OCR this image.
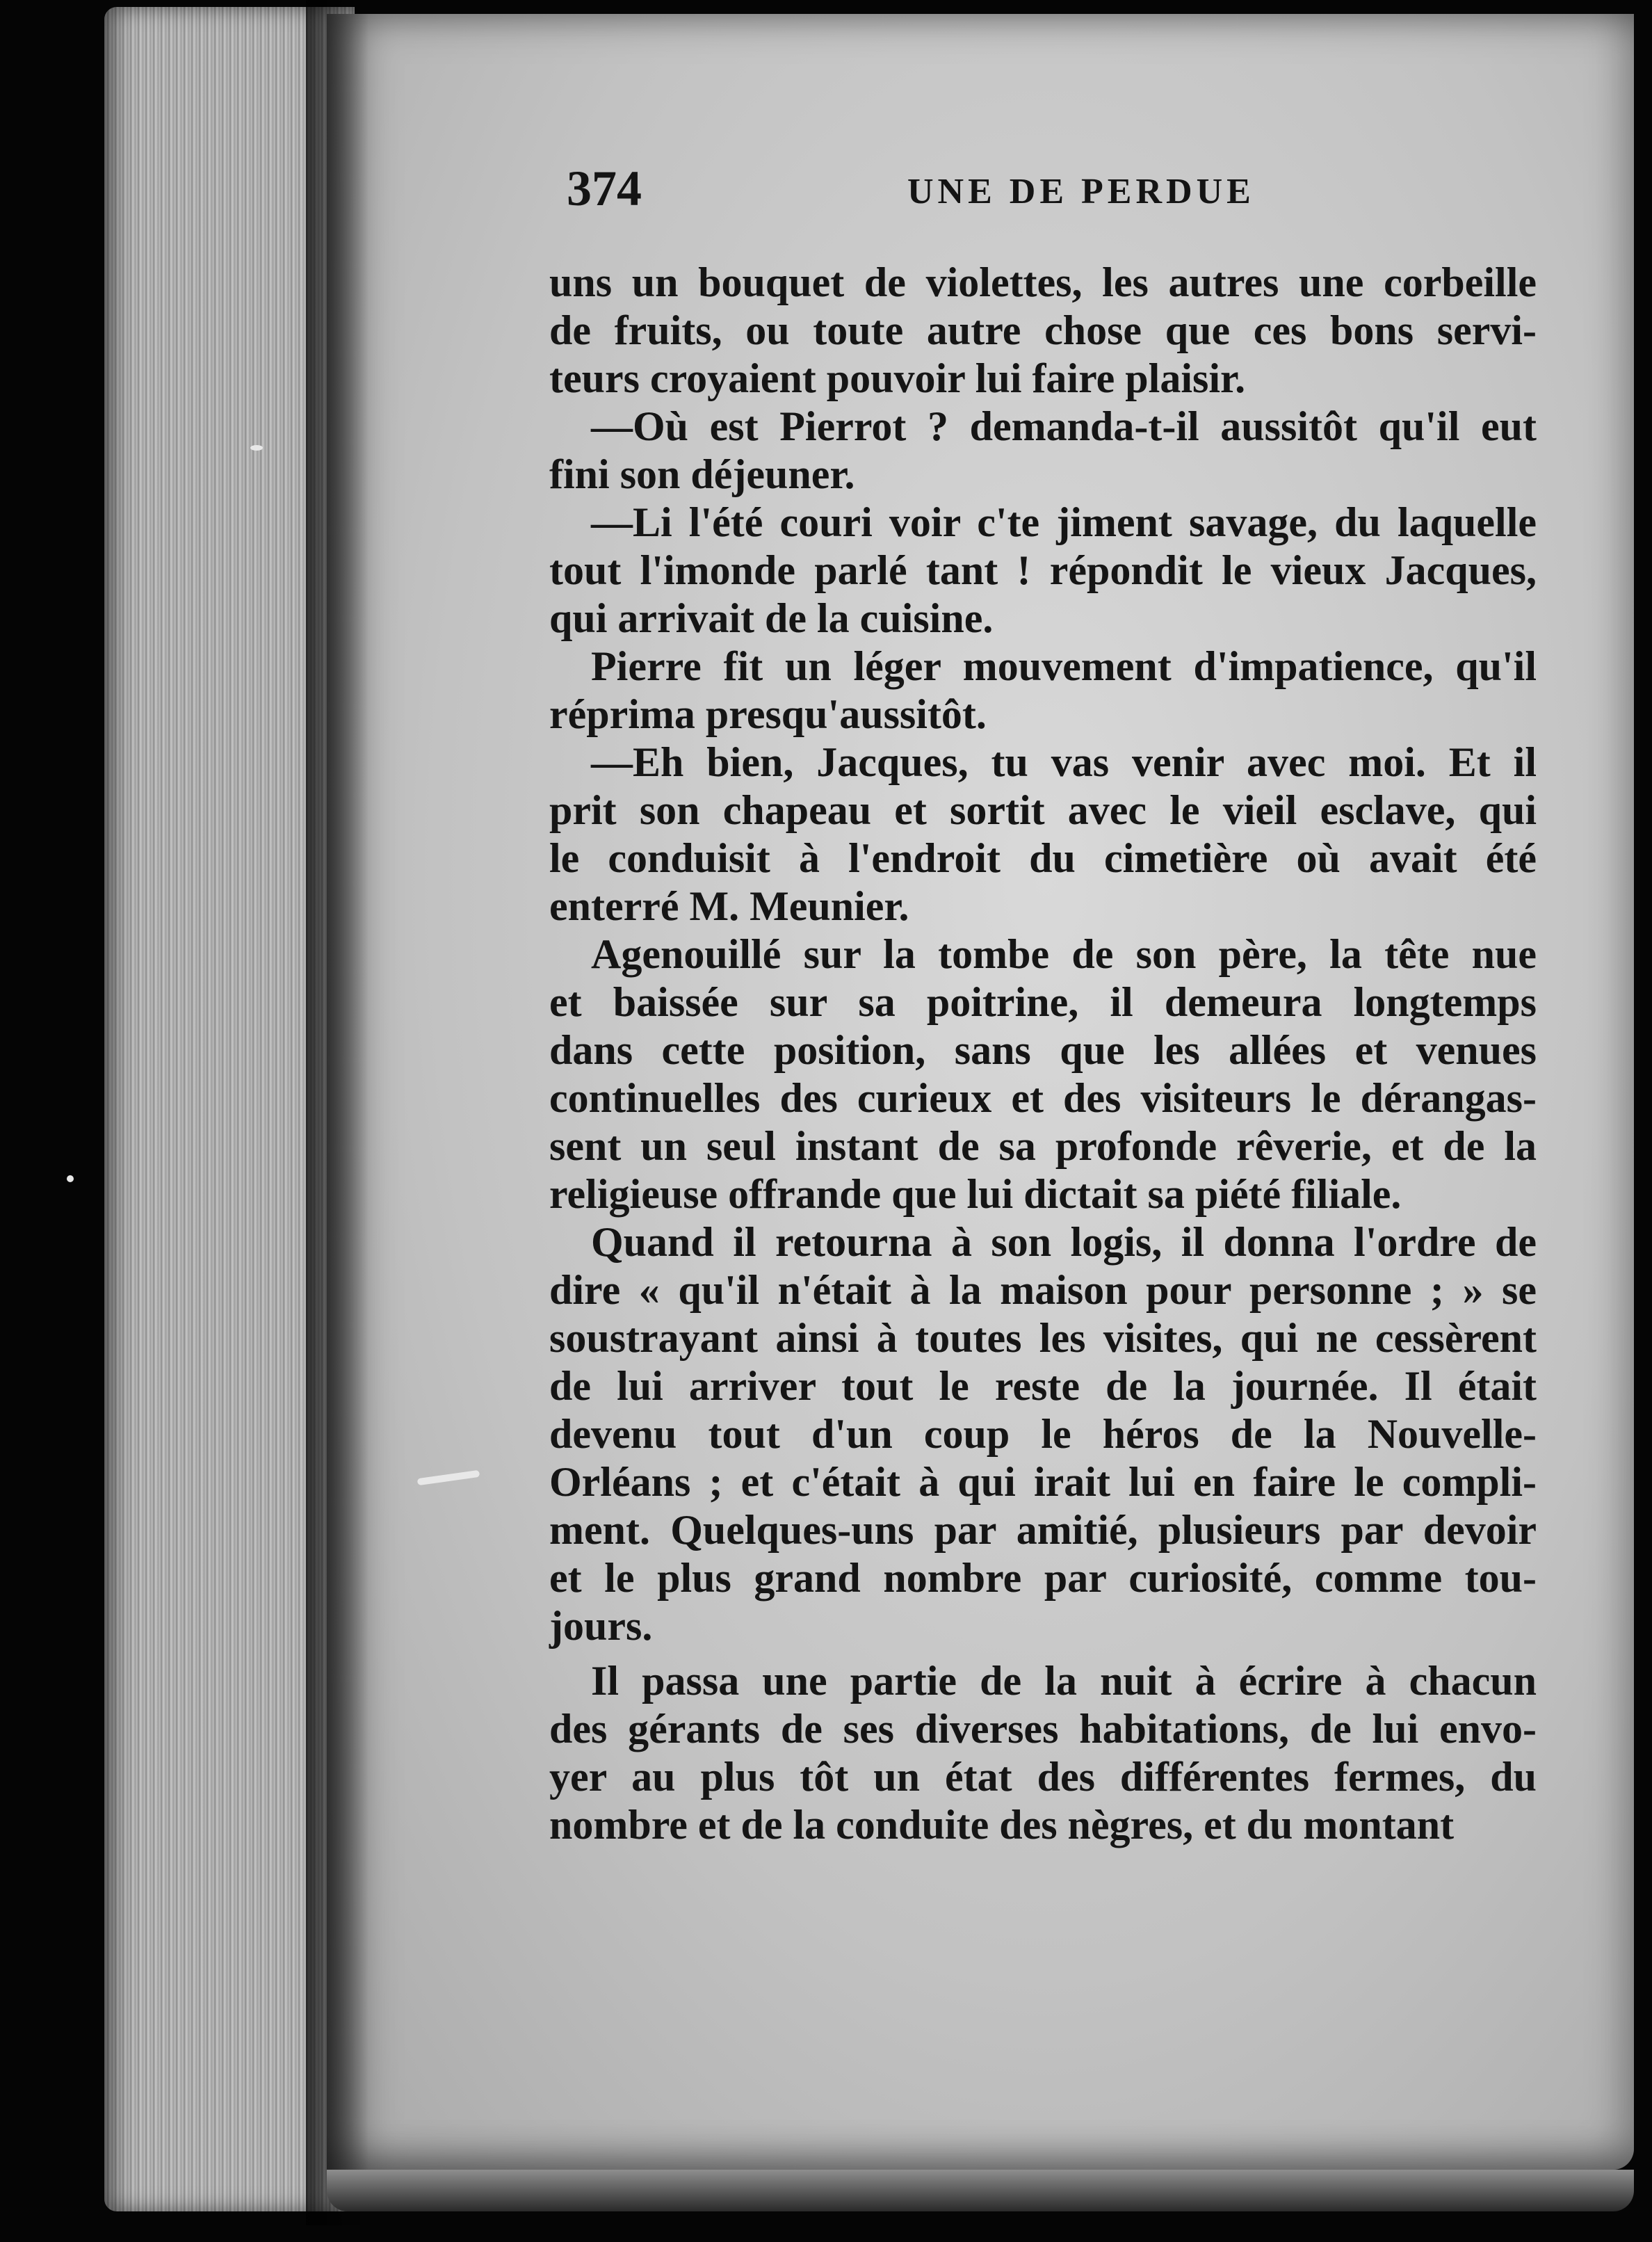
374	UNE DE PERDUE
uns un bouquet de violettes, les autres une corbeille
de fruits, ou toute autre chose que ces bons servi-
teurs croyaient pouvoir lui faire plaisir.
—Où est Pierrot ? demanda-t-il aussitôt qu'il eut
fini son déjeuner.
—Li l'été couri voir c'te jiment savage, du laquelle
tout l'imonde parlé tant ! répondit le vieux Jacques,
qui arrivait de la cuisine.
Pierre fit un léger mouvement d'impatience, qu'il
réprima presqu'aussitôt.
—Eh bien, Jacques, tu vas venir avec moi. Et il
prit son chapeau et sortit avec le vieil esclave, qui
le conduisit à l'endroit du cimetière où avait été
enterré M. Meunier.
Agenouillé sur la tombe de son père, la tête nue
et baissée sur sa poitrine, il demeura longtemps
dans cette position, sans que les allées et venues
continuelles des curieux et des visiteurs le dérangas-
sent un seul instant de sa profonde rêverie, et de la
religieuse offrande que lui dictait sa piété filiale.
Quand il retourna à son logis, il donna l'ordre de
dire « qu'il n'était à la maison pour personne ; » se
soustrayant ainsi à toutes les visites, qui ne cessèrent
de lui arriver tout le reste de la journée. Il était
devenu tout d'un coup le héros de la Nouvelle-
Orléans ; et c'était à qui irait lui en faire le compli-
ment. Quelques-uns par amitié, plusieurs par devoir
et le plus grand nombre par curiosité, comme tou-
jours.
Il passa une partie de la nuit à écrire à chacun
des gérants de ses diverses habitations, de lui envo-
yer au plus tôt un état des différentes fermes, du
nombre et de la conduite des nègres, et du montant
